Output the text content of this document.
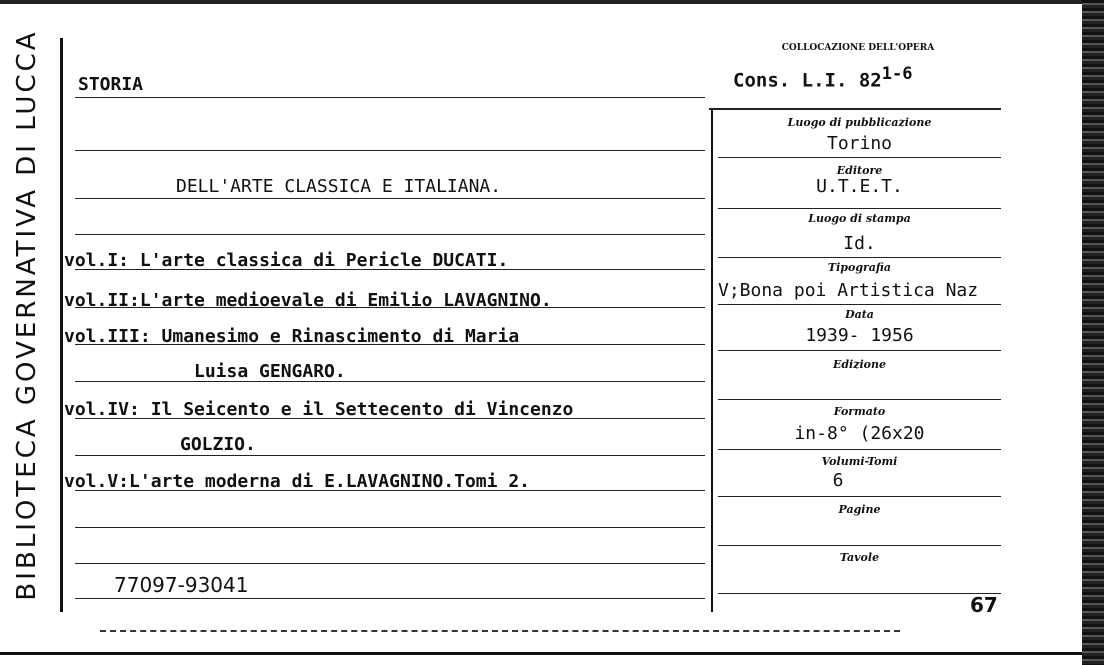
BIBLIOTECA GOVERNATIVA DI LUCCA STORIA
COLLOCAZIONE DELL'OPERA
Cons. L.I. 82$^{1-6}$
DELL'ARTE CLASSICA E ITALIANA.
vol.I: L'arte classica di Pericle DUCATI.
vol.II:L'arte medioevale di Emilio LAVAGNINO.
vol.III: Umanesimo e Rinascimento di Maria
Luisa GENGARO.
vol.IV: Il Seicento e il Settecento di Vincenzo
GOLZIO.
vol.V:L'arte moderna di E.LAVAGNINO.Tomi 2.
77097-93041
Luogo di pubblicazione
Torino
Editore
U.T.E.T.
Luogo di stampa
Id.
Tipografia
V;Bona poi Artistica Naz
Data
1939- 1956
Edizione
Formato
in-8° (26x20
Volumi-Tomi
6
Pagine
Tavole
67
